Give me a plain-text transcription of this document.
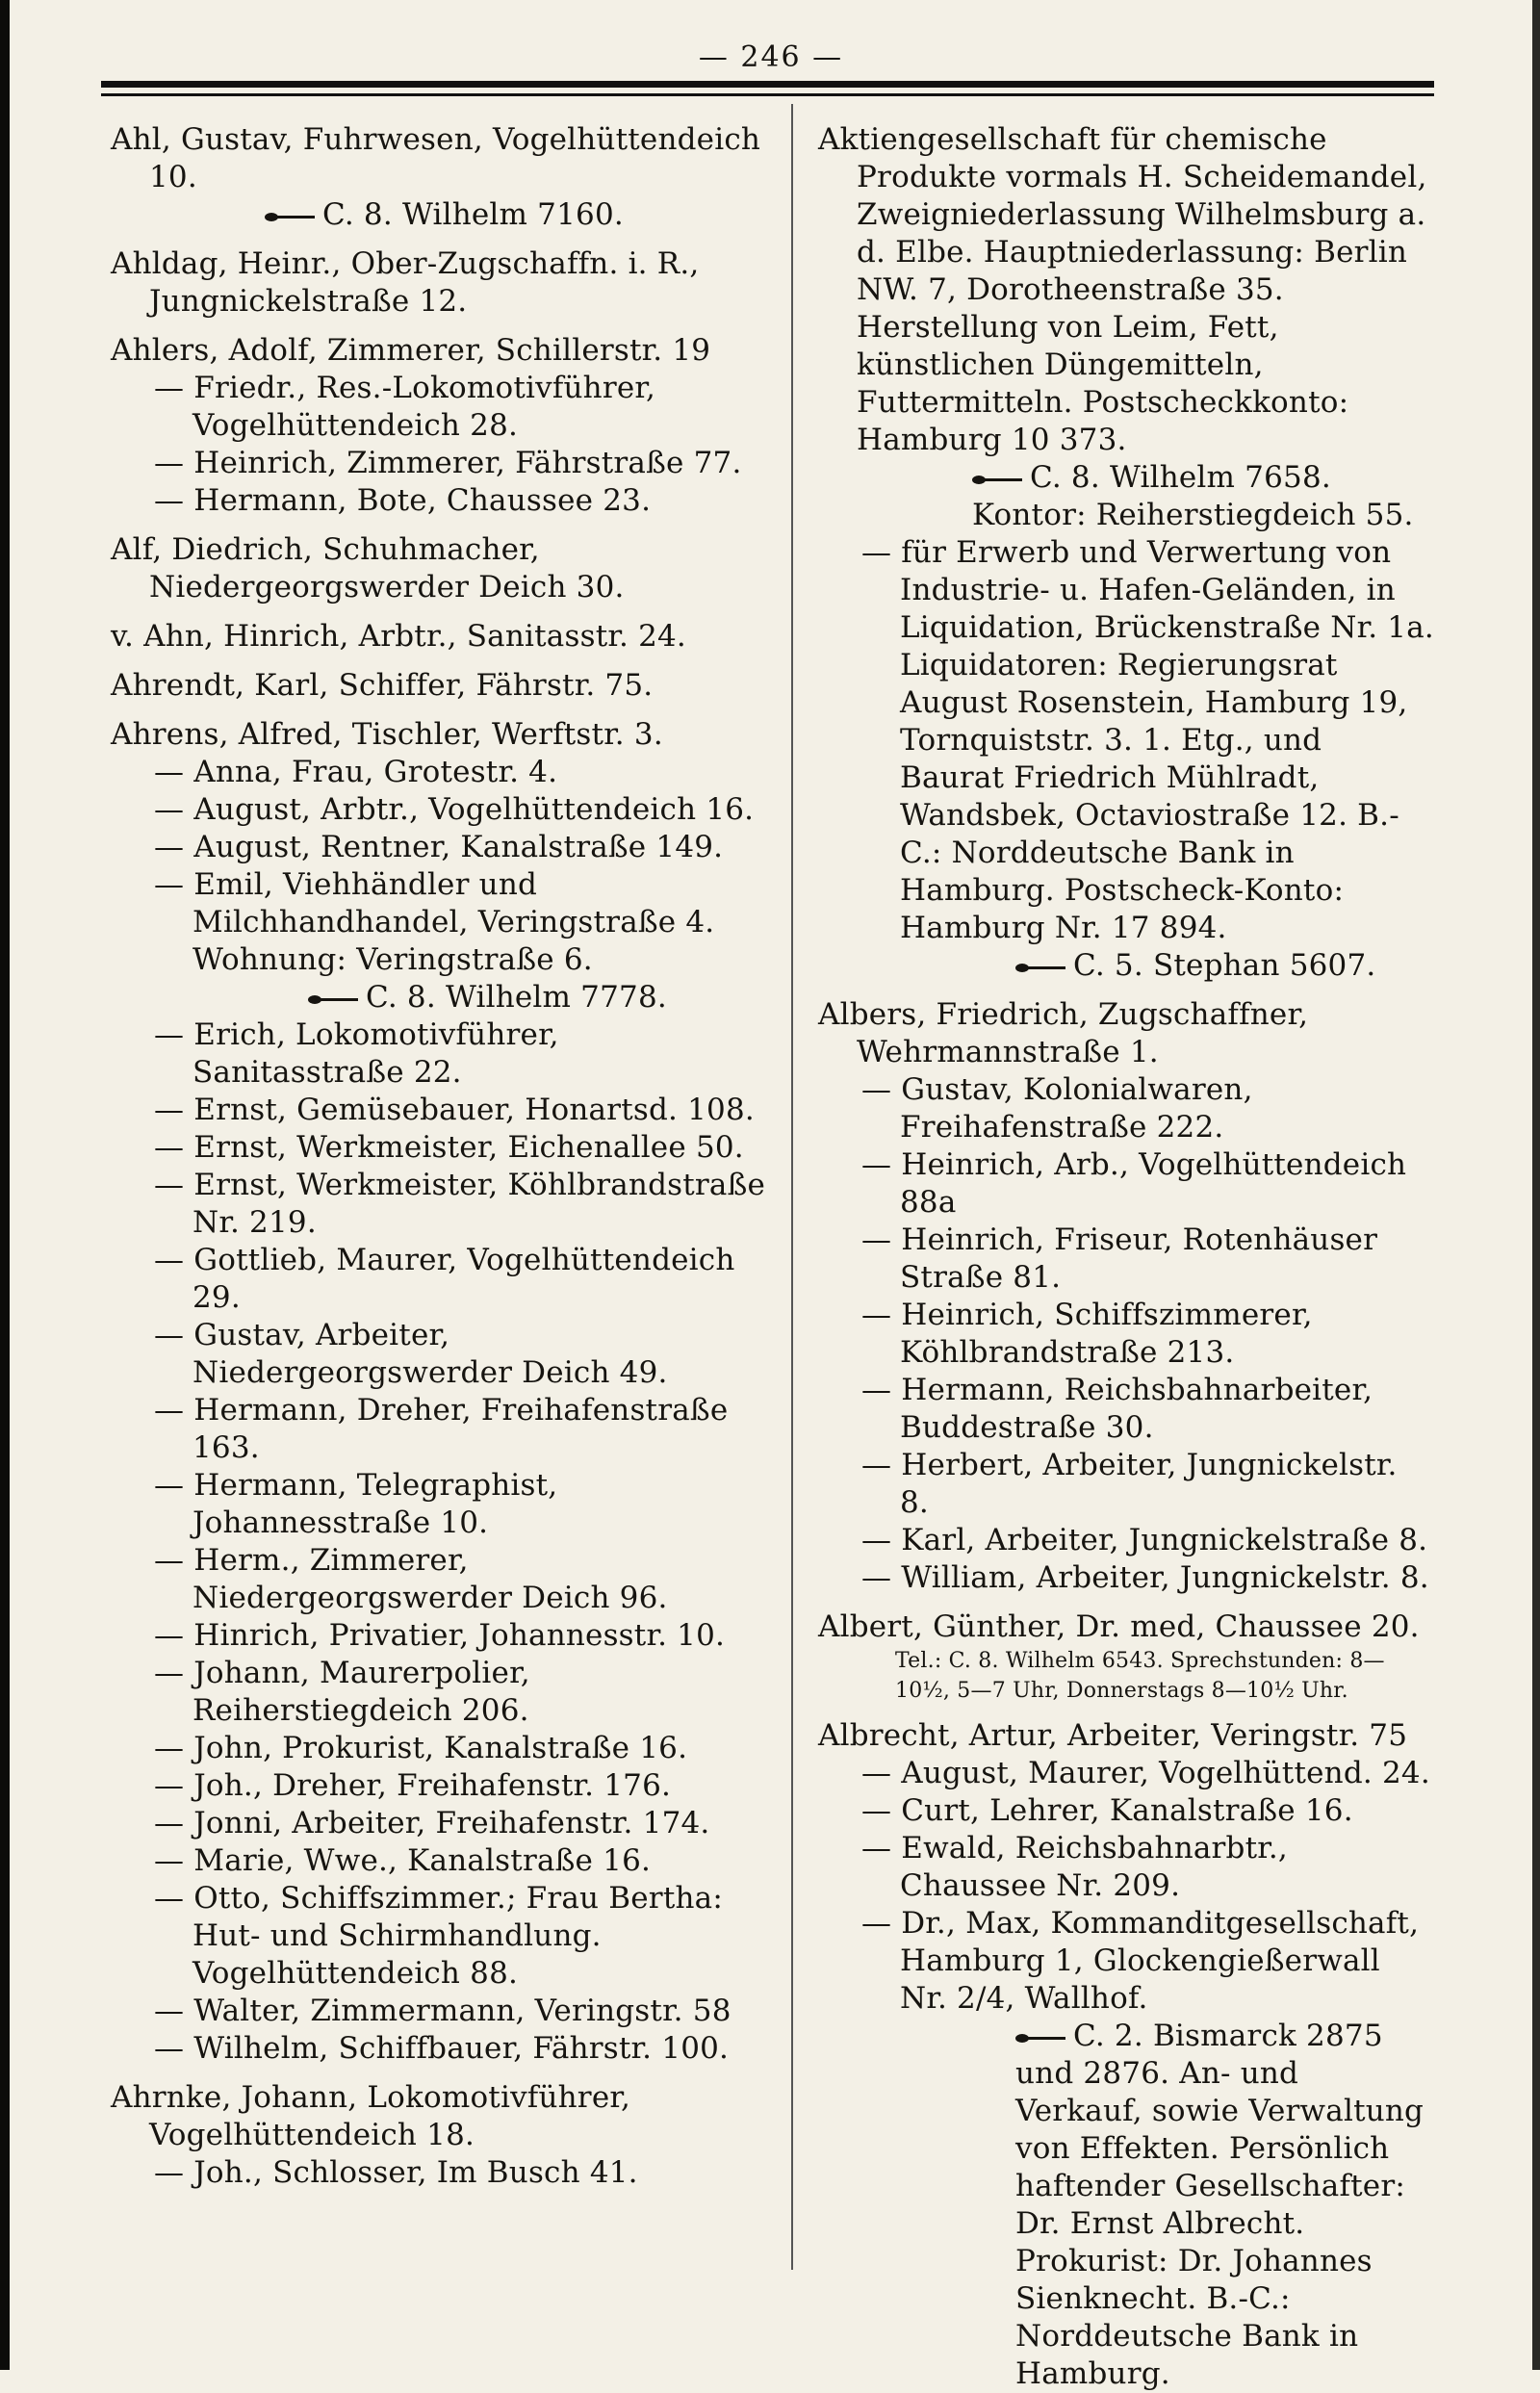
— 246 —

Ahl, Gustav, Fuhrwesen, Vogelhüttendeich 10.
C. 8. Wilhelm 7160.

Ahldag, Heinr., Ober-Zugschaffn. i. R., Jungnickelstraße 12.

Ahlers, Adolf, Zimmerer, Schillerstr. 19

— Friedr., Res.-Lokomotivführer, Vogelhüttendeich 28.

— Heinrich, Zimmerer, Fährstraße 77.

— Hermann, Bote, Chaussee 23.

Alf, Diedrich, Schuhmacher, Niedergeorgswerder Deich 30.

v. Ahn, Hinrich, Arbtr., Sanitasstr. 24.

Ahrendt, Karl, Schiffer, Fährstr. 75.

Ahrens, Alfred, Tischler, Werftstr. 3.

— Anna, Frau, Grotestr. 4.

— August, Arbtr., Vogelhüttendeich 16.

— August, Rentner, Kanalstraße 149.

— Emil, Viehhändler und Milchhandhandel, Veringstraße 4. Wohnung: Veringstraße 6.
C. 8. Wilhelm 7778.

— Erich, Lokomotivführer, Sanitasstraße 22.

— Ernst, Gemüsebauer, Honartsd. 108.

— Ernst, Werkmeister, Eichenallee 50.

— Ernst, Werkmeister, Köhlbrandstraße Nr. 219.

— Gottlieb, Maurer, Vogelhüttendeich 29.

— Gustav, Arbeiter, Niedergeorgswerder Deich 49.

— Hermann, Dreher, Freihafenstraße 163.

— Hermann, Telegraphist, Johannesstraße 10.

— Herm., Zimmerer, Niedergeorgswerder Deich 96.

— Hinrich, Privatier, Johannesstr. 10.

— Johann, Maurerpolier, Reiherstiegdeich 206.

— John, Prokurist, Kanalstraße 16.

— Joh., Dreher, Freihafenstr. 176.

— Jonni, Arbeiter, Freihafenstr. 174.

— Marie, Wwe., Kanalstraße 16.

— Otto, Schiffszimmer.; Frau Bertha: Hut- und Schirmhandlung. Vogelhüttendeich 88.

— Walter, Zimmermann, Veringstr. 58

— Wilhelm, Schiffbauer, Fährstr. 100.

Ahrnke, Johann, Lokomotivführer, Vogelhüttendeich 18.

— Joh., Schlosser, Im Busch 41.

Aktiengesellschaft für chemische Produkte vormals H. Scheidemandel, Zweigniederlassung Wilhelmsburg a. d. Elbe. Hauptniederlassung: Berlin NW. 7, Dorotheenstraße 35. Herstellung von Leim, Fett, künstlichen Düngemitteln, Futtermitteln. Postscheckkonto: Hamburg 10 373.
C. 8. Wilhelm 7658. Kontor: Reiherstiegdeich 55.

— für Erwerb und Verwertung von Industrie- u. Hafen-Geländen, in Liquidation, Brückenstraße Nr. 1a. Liquidatoren: Regierungsrat August Rosenstein, Hamburg 19, Tornquiststr. 3. 1. Etg., und Baurat Friedrich Mühlradt, Wandsbek, Octaviostraße 12. B.-C.: Norddeutsche Bank in Hamburg. Postscheck-Konto: Hamburg Nr. 17 894.
C. 5. Stephan 5607.

Albers, Friedrich, Zugschaffner, Wehrmannstraße 1.

— Gustav, Kolonialwaren, Freihafenstraße 222.

— Heinrich, Arb., Vogelhüttendeich 88a

— Heinrich, Friseur, Rotenhäuser Straße 81.

— Heinrich, Schiffszimmerer, Köhlbrandstraße 213.

— Hermann, Reichsbahnarbeiter, Buddestraße 30.

— Herbert, Arbeiter, Jungnickelstr. 8.

— Karl, Arbeiter, Jungnickelstraße 8.

— William, Arbeiter, Jungnickelstr. 8.

Albert, Günther, Dr. med, Chaussee 20.
Tel.: C. 8. Wilhelm 6543. Sprechstunden: 8—10½, 5—7 Uhr, Donnerstags 8—10½ Uhr.

Albrecht, Artur, Arbeiter, Veringstr. 75

— August, Maurer, Vogelhüttend. 24.

— Curt, Lehrer, Kanalstraße 16.

— Ewald, Reichsbahnarbtr., Chaussee Nr. 209.

— Dr., Max, Kommanditgesellschaft, Hamburg 1, Glockengießerwall Nr. 2/4, Wallhof.
C. 2. Bismarck 2875 und 2876. An- und Verkauf, sowie Verwaltung von Effekten. Persönlich haftender Gesellschafter: Dr. Ernst Albrecht. Prokurist: Dr. Johannes Sienknecht. B.-C.: Norddeutsche Bank in Hamburg.
